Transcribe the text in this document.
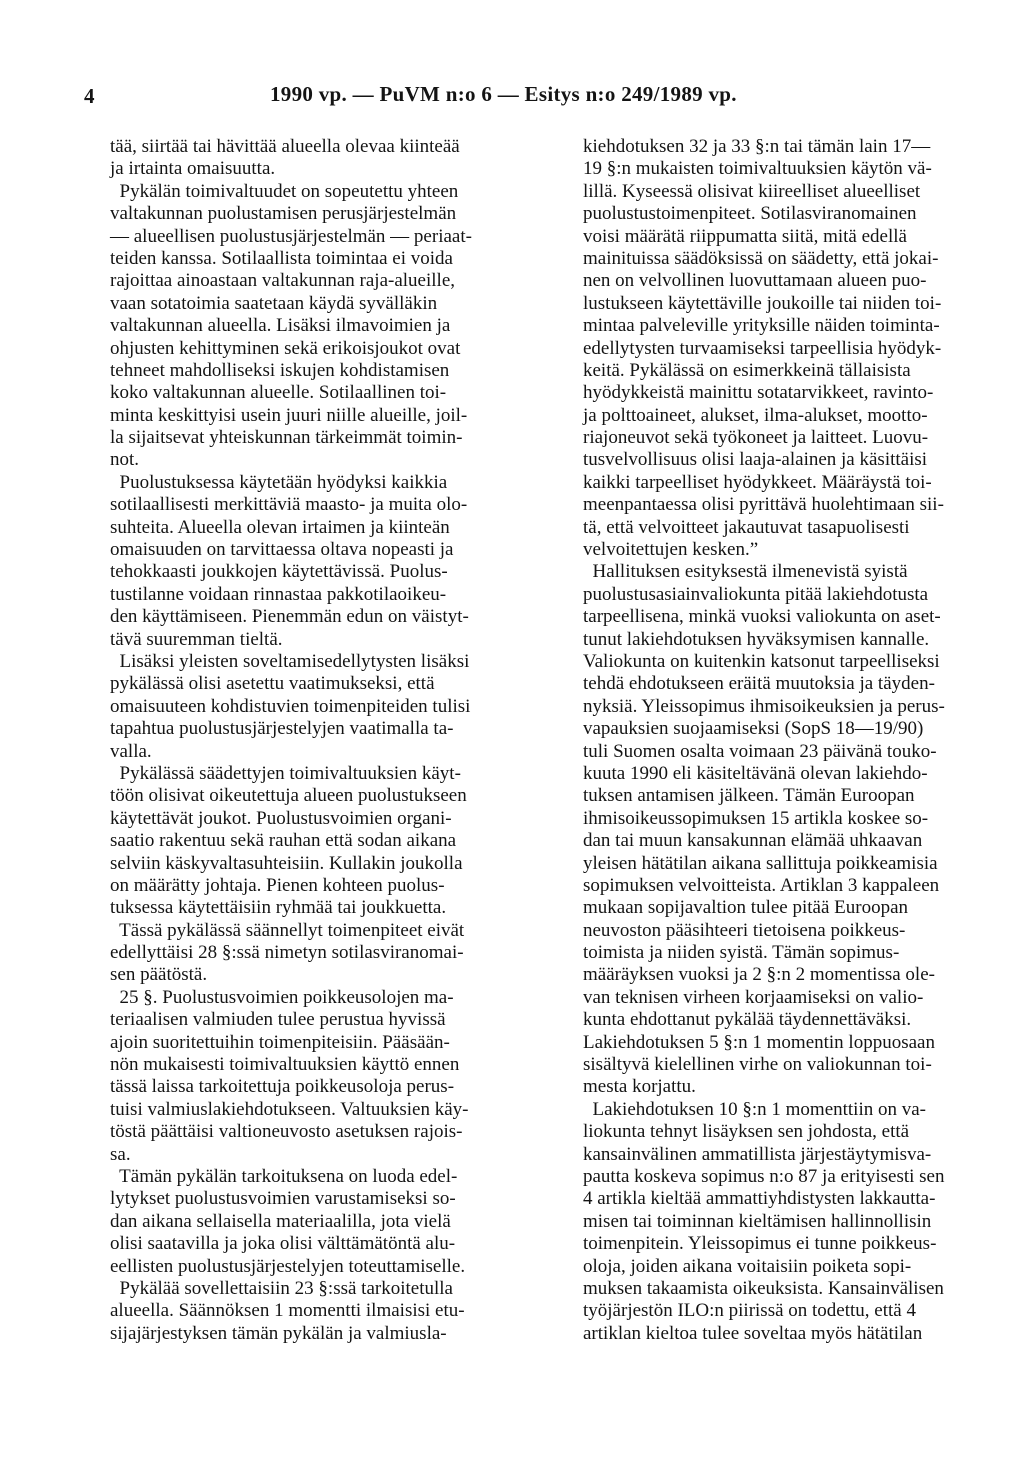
4	1990 vp. — PuVM n:o 6 — Esitys n:o 249/1989 vp.
tää, siirtää tai hävittää alueella olevaa kiinteää
ja irtainta omaisuutta.
Pykälän toimivaltuudet on sopeutettu yhteen
valtakunnan puolustamisen perusjärjestelmän
— alueellisen puolustusjärjestelmän — periaat-
teiden kanssa. Sotilaallista toimintaa ei voida
rajoittaa ainoastaan valtakunnan raja-alueille,
vaan sotatoimia saatetaan käydä syvälläkin
valtakunnan alueella. Lisäksi ilmavoimien ja
ohjusten kehittyminen sekä erikoisjoukot ovat
tehneet mahdolliseksi iskujen kohdistamisen
koko valtakunnan alueelle. Sotilaallinen toi-
minta keskittyisi usein juuri niille alueille, joil-
la sijaitsevat yhteiskunnan tärkeimmät toimin-
not.
Puolustuksessa käytetään hyödyksi kaikkia
sotilaallisesti merkittäviä maasto- ja muita olo-
suhteita. Alueella olevan irtaimen ja kiinteän
omaisuuden on tarvittaessa oltava nopeasti ja
tehokkaasti joukkojen käytettävissä. Puolus-
tustilanne voidaan rinnastaa pakkotilaoikeu-
den käyttämiseen. Pienemmän edun on väistyt-
tävä suuremman tieltä.
Lisäksi yleisten soveltamisedellytysten lisäksi
pykälässä olisi asetettu vaatimukseksi, että
omaisuuteen kohdistuvien toimenpiteiden tulisi
tapahtua puolustusjärjestelyjen vaatimalla ta-
valla.
Pykälässä säädettyjen toimivaltuuksien käyt-
töön olisivat oikeutettuja alueen puolustukseen
käytettävät joukot. Puolustusvoimien organi-
saatio rakentuu sekä rauhan että sodan aikana
selviin käskyvaltasuhteisiin. Kullakin joukolla
on määrätty johtaja. Pienen kohteen puolus-
tuksessa käytettäisiin ryhmää tai joukkuetta.
Tässä pykälässä säännellyt toimenpiteet eivät
edellyttäisi 28 §:ssä nimetyn sotilasviranomai-
sen päätöstä.
25 §. Puolustusvoimien poikkeusolojen ma-
teriaalisen valmiuden tulee perustua hyvissä
ajoin suoritettuihin toimenpiteisiin. Pääsään-
nön mukaisesti toimivaltuuksien käyttö ennen
tässä laissa tarkoitettuja poikkeusoloja perus-
tuisi valmiuslakiehdotukseen. Valtuuksien käy-
töstä päättäisi valtioneuvosto asetuksen rajois-
sa.
Tämän pykälän tarkoituksena on luoda edel-
lytykset puolustusvoimien varustamiseksi so-
dan aikana sellaisella materiaalilla, jota vielä
olisi saatavilla ja joka olisi välttämätöntä alu-
eellisten puolustusjärjestelyjen toteuttamiselle.
Pykälää sovellettaisiin 23 §:ssä tarkoitetulla
alueella. Säännöksen 1 momentti ilmaisisi etu-
sijajärjestyksen tämän pykälän ja valmiusla-
kiehdotuksen 32 ja 33 §:n tai tämän lain 17—
19 §:n mukaisten toimivaltuuksien käytön vä-
lillä. Kyseessä olisivat kiireelliset alueelliset
puolustustoimenpiteet. Sotilasviranomainen
voisi määrätä riippumatta siitä, mitä edellä
mainituissa säädöksissä on säädetty, että jokai-
nen on velvollinen luovuttamaan alueen puo-
lustukseen käytettäville joukoille tai niiden toi-
mintaa palveleville yrityksille näiden toiminta-
edellytysten turvaamiseksi tarpeellisia hyödyk-
keitä. Pykälässä on esimerkkeinä tällaisista
hyödykkeistä mainittu sotatarvikkeet, ravinto-
ja polttoaineet, alukset, ilma-alukset, moottо-
riajoneuvot sekä työkoneet ja laitteet. Luovu-
tusvelvollisuus olisi laaja-alainen ja käsittäisi
kaikki tarpeelliset hyödykkeet. Määräystä toi-
meenpantaessa olisi pyrittävä huolehtimaan sii-
tä, että velvoitteet jakautuvat tasapuolisesti
velvoitettujen kesken.”
Hallituksen esityksestä ilmenevistä syistä
puolustusasiainvaliokunta pitää lakiehdotusta
tarpeellisena, minkä vuoksi valiokunta on aset-
tunut lakiehdotuksen hyväksymisen kannalle.
Valiokunta on kuitenkin katsonut tarpeelliseksi
tehdä ehdotukseen eräitä muutoksia ja täyden-
nyksiä. Yleissopimus ihmisoikeuksien ja perus-
vapauksien suojaamiseksi (SopS 18—19/90)
tuli Suomen osalta voimaan 23 päivänä touko-
kuuta 1990 eli käsiteltävänä olevan lakiehdo-
tuksen antamisen jälkeen. Tämän Euroopan
ihmisoikeussopimuksen 15 artikla koskee so-
dan tai muun kansakunnan elämää uhkaavan
yleisen hätätilan aikana sallittuja poikkeamisia
sopimuksen velvoitteista. Artiklan 3 kappaleen
mukaan sopijavaltion tulee pitää Euroopan
neuvoston pääsihteeri tietoisena poikkeus-
toimista ja niiden syistä. Tämän sopimus-
määräyksen vuoksi ja 2 §:n 2 momentissa ole-
van teknisen virheen korjaamiseksi on valio-
kunta ehdottanut pykälää täydennettäväksi.
Lakiehdotuksen 5 §:n 1 momentin loppuosaan
sisältyvä kielellinen virhe on valiokunnan toi-
mesta korjattu.
Lakiehdotuksen 10 §:n 1 momenttiin on va-
liokunta tehnyt lisäyksen sen johdosta, että
kansainvälinen ammatillista järjestäytymisva-
pautta koskeva sopimus n:o 87 ja erityisesti sen
4 artikla kieltää ammattiyhdistysten lakkautta-
misen tai toiminnan kieltämisen hallinnollisin
toimenpitein. Yleissopimus ei tunne poikkeus-
oloja, joiden aikana voitaisiin poiketa sopi-
muksen takaamista oikeuksista. Kansainvälisen
työjärjestön ILO:n piirissä on todettu, että 4
artiklan kieltoa tulee soveltaa myös hätätilan
